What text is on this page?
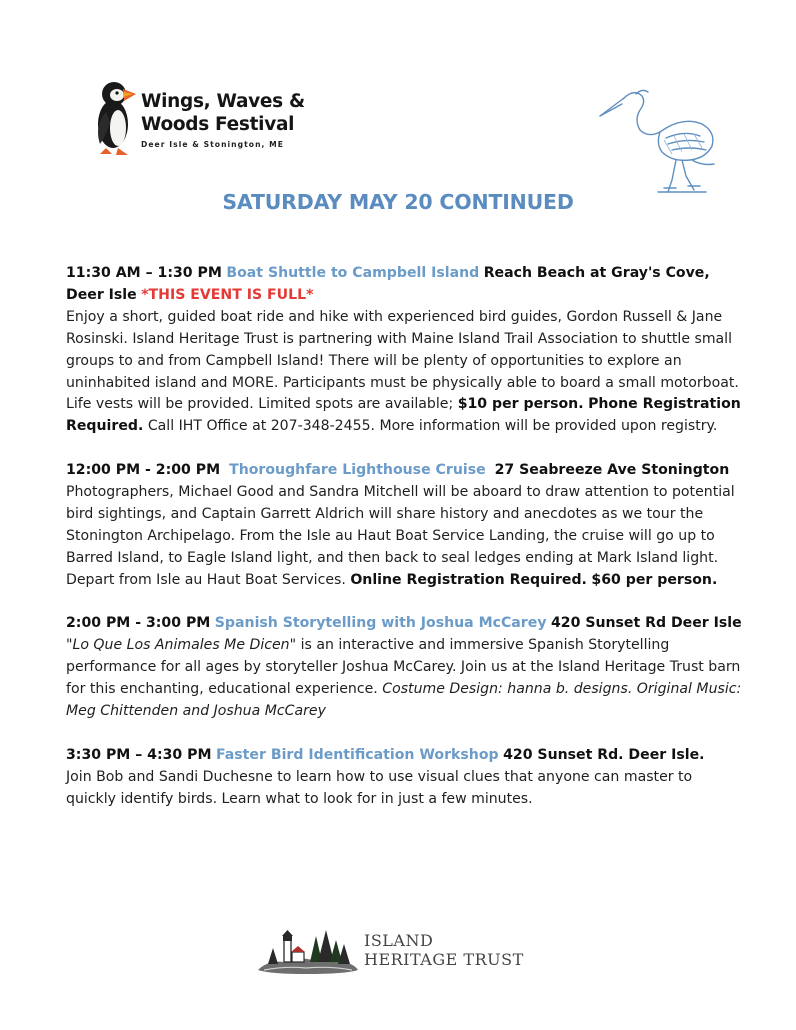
Wings, Waves &
Woods Festival
Deer Isle & Stonington, ME
SATURDAY MAY 20 CONTINUED

11:30 AM – 1:30 PM Boat Shuttle to Campbell Island Reach Beach at Gray's Cove, Deer Isle *THIS EVENT IS FULL*
Enjoy a short, guided boat ride and hike with experienced bird guides, Gordon Russell & Jane Rosinski. Island Heritage Trust is partnering with Maine Island Trail Association to shuttle small groups to and from Campbell Island! There will be plenty of opportunities to explore an uninhabited island and MORE. Participants must be physically able to board a small motorboat. Life vests will be provided. Limited spots are available; $10 per person. Phone Registration Required. Call IHT Office at 207-348-2455. More information will be provided upon registry.

12:00 PM - 2:00 PM Thoroughfare Lighthouse Cruise 27 Seabreeze Ave Stonington
Photographers, Michael Good and Sandra Mitchell will be aboard to draw attention to potential bird sightings, and Captain Garrett Aldrich will share history and anecdotes as we tour the Stonington Archipelago. From the Isle au Haut Boat Service Landing, the cruise will go up to Barred Island, to Eagle Island light, and then back to seal ledges ending at Mark Island light. Depart from Isle au Haut Boat Services. Online Registration Required. $60 per person.

2:00 PM - 3:00 PM Spanish Storytelling with Joshua McCarey 420 Sunset Rd Deer Isle
"Lo Que Los Animales Me Dicen" is an interactive and immersive Spanish Storytelling performance for all ages by storyteller Joshua McCarey. Join us at the Island Heritage Trust barn for this enchanting, educational experience. Costume Design: hanna b. designs. Original Music: Meg Chittenden and Joshua McCarey

3:30 PM – 4:30 PM Faster Bird Identification Workshop 420 Sunset Rd. Deer Isle.
Join Bob and Sandi Duchesne to learn how to use visual clues that anyone can master to quickly identify birds. Learn what to look for in just a few minutes.

ISLAND
HERITAGE TRUST
